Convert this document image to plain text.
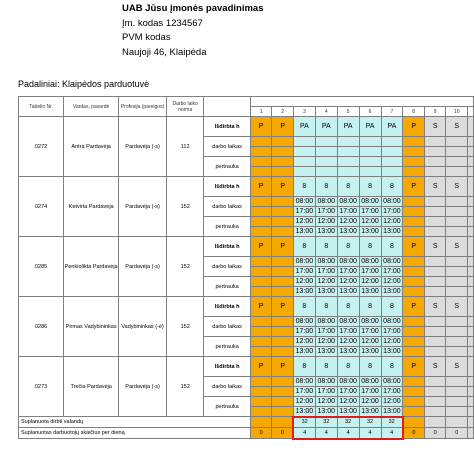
UAB Jūsu įmonės pavadinimas
Įm. kodas 1234567
PVM kodas
Naujoji 46, Klaipėda
Padaliniai: Klaipėdos parduotuvė
Tabelio Nr.	Vardas, pavardė	Profesija (pareigos)	Darbo laiko norma												
					1	2	3	4	5	6	7	8	9	10	
0272	Antra Pardavėja	Pardavėja (-s)	112	Išdirbta h	P	P	PA	PA	PA	PA	PA	P	S	S	
				darbo laikas											

				pertrauka											

0274	Ketvirta Pardavėja	Pardavėja (-s)	152	Išdirbta h	P	P	8	8	8	8	8	P	S	S	
				darbo laikas			08:00	08:00	08:00	08:00	08:00				
							17:00	17:00	17:00	17:00	17:00				
				pertrauka			12:00	12:00	12:00	12:00	12:00				
							13:00	13:00	13:00	13:00	13:00				
0285	Penkiolikta Pardavėja	Pardavėja (-s)	152	Išdirbta h	P	P	8	8	8	8	8	P	S	S	
				darbo laikas			08:00	08:00	08:00	08:00	08:00				
							17:00	17:00	17:00	17:00	17:00				
				pertrauka			12:00	12:00	12:00	12:00	12:00				
							13:00	13:00	13:00	13:00	13:00				
0286	Pirmas Vadybininkas	Vadybininkas (-ė)	152	Išdirbta h	P	P	8	8	8	8	8	P	S	S	
				darbo laikas			08:00	08:00	08:00	08:00	08:00				
							17:00	17:00	17:00	17:00	17:00				
				pertrauka			12:00	12:00	12:00	12:00	12:00				
							13:00	13:00	13:00	13:00	13:00				
0273	Trečia Pardavėja	Pardavėja (-s)	152	Išdirbta h	P	P	8	8	8	8	8	P	S	S	
				darbo laikas			08:00	08:00	08:00	08:00	08:00				
							17:00	17:00	17:00	17:00	17:00				
				pertrauka			12:00	12:00	12:00	12:00	12:00				
							13:00	13:00	13:00	13:00	13:00				
Suplanuota dirbti valandų							32	32	32	32	32				
Suplanuotas darbuotojų skaičius per dieną					0	0	4	4	4	4	4	0	0	0	
